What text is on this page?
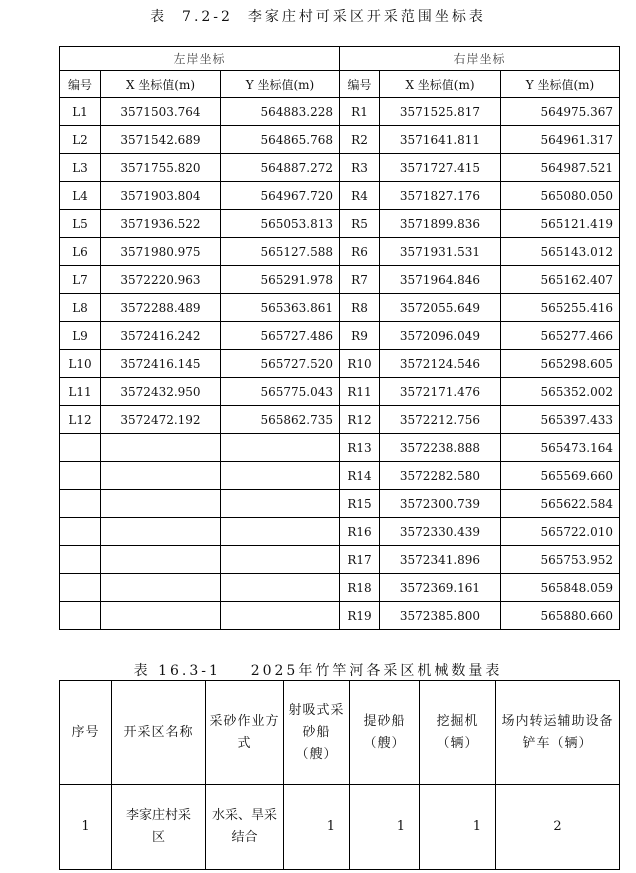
表  7.2-2  李家庄村可采区开采范围坐标表
左岸坐标			右岸坐标		
编号	X 坐标值(m)	Y 坐标值(m)	编号	X 坐标值(m)	Y 坐标值(m)
L1	3571503.764	564883.228	R1	3571525.817	564975.367
L2	3571542.689	564865.768	R2	3571641.811	564961.317
L3	3571755.820	564887.272	R3	3571727.415	564987.521
L4	3571903.804	564967.720	R4	3571827.176	565080.050
L5	3571936.522	565053.813	R5	3571899.836	565121.419
L6	3571980.975	565127.588	R6	3571931.531	565143.012
L7	3572220.963	565291.978	R7	3571964.846	565162.407
L8	3572288.489	565363.861	R8	3572055.649	565255.416
L9	3572416.242	565727.486	R9	3572096.049	565277.466
L10	3572416.145	565727.520	R10	3572124.546	565298.605
L11	3572432.950	565775.043	R11	3572171.476	565352.002
L12	3572472.192	565862.735	R12	3572212.756	565397.433
			R13	3572238.888	565473.164
			R14	3572282.580	565569.660
			R15	3572300.739	565622.584
			R16	3572330.439	565722.010
			R17	3572341.896	565753.952
			R18	3572369.161	565848.059
			R19	3572385.800	565880.660
表 16.3-1    2025年竹竿河各采区机械数量表
序号	开采区名称	采砂作业方式	射吸式采砂船（艘）	提砂船（艘）	挖掘机（辆）	场内转运辅助设备铲车（辆）
1	李家庄村采区	水采、旱采结合	1	1	1	2
